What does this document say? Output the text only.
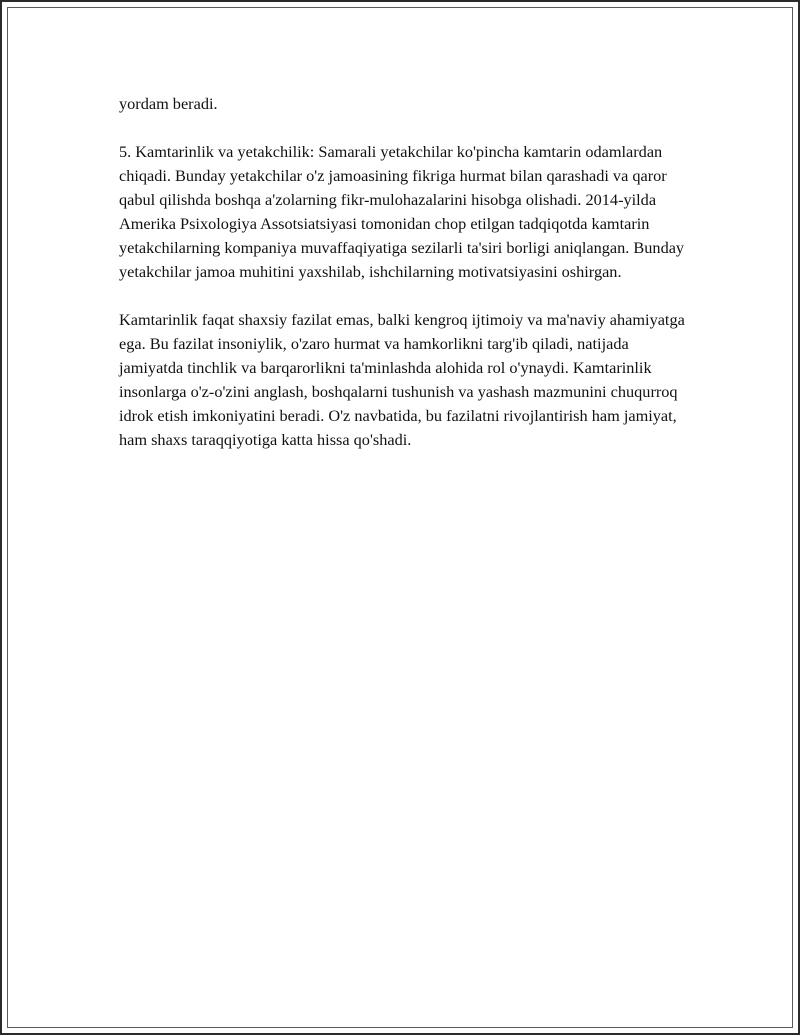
yordam beradi.

5. Kamtarinlik va yetakchilik: Samarali yetakchilar ko'pincha kamtarin odamlardan chiqadi. Bunday yetakchilar o'z jamoasining fikriga hurmat bilan qarashadi va qaror qabul qilishda boshqa a'zolarning fikr-mulohazalarini hisobga olishadi. 2014-yilda Amerika Psixologiya Assotsiatsiyasi tomonidan chop etilgan tadqiqotda kamtarin yetakchilarning kompaniya muvaffaqiyatiga sezilarli ta'siri borligi aniqlangan. Bunday yetakchilar jamoa muhitini yaxshilab, ishchilarning motivatsiyasini oshirgan.

Kamtarinlik faqat shaxsiy fazilat emas, balki kengroq ijtimoiy va ma'naviy ahamiyatga ega. Bu fazilat insoniylik, o'zaro hurmat va hamkorlikni targ'ib qiladi, natijada jamiyatda tinchlik va barqarorlikni ta'minlashda alohida rol o'ynaydi. Kamtarinlik insonlarga o'z-o'zini anglash, boshqalarni tushunish va yashash mazmunini chuqurroq idrok etish imkoniyatini beradi. O'z navbatida, bu fazilatni rivojlantirish ham jamiyat, ham shaxs taraqqiyotiga katta hissa qo'shadi.
